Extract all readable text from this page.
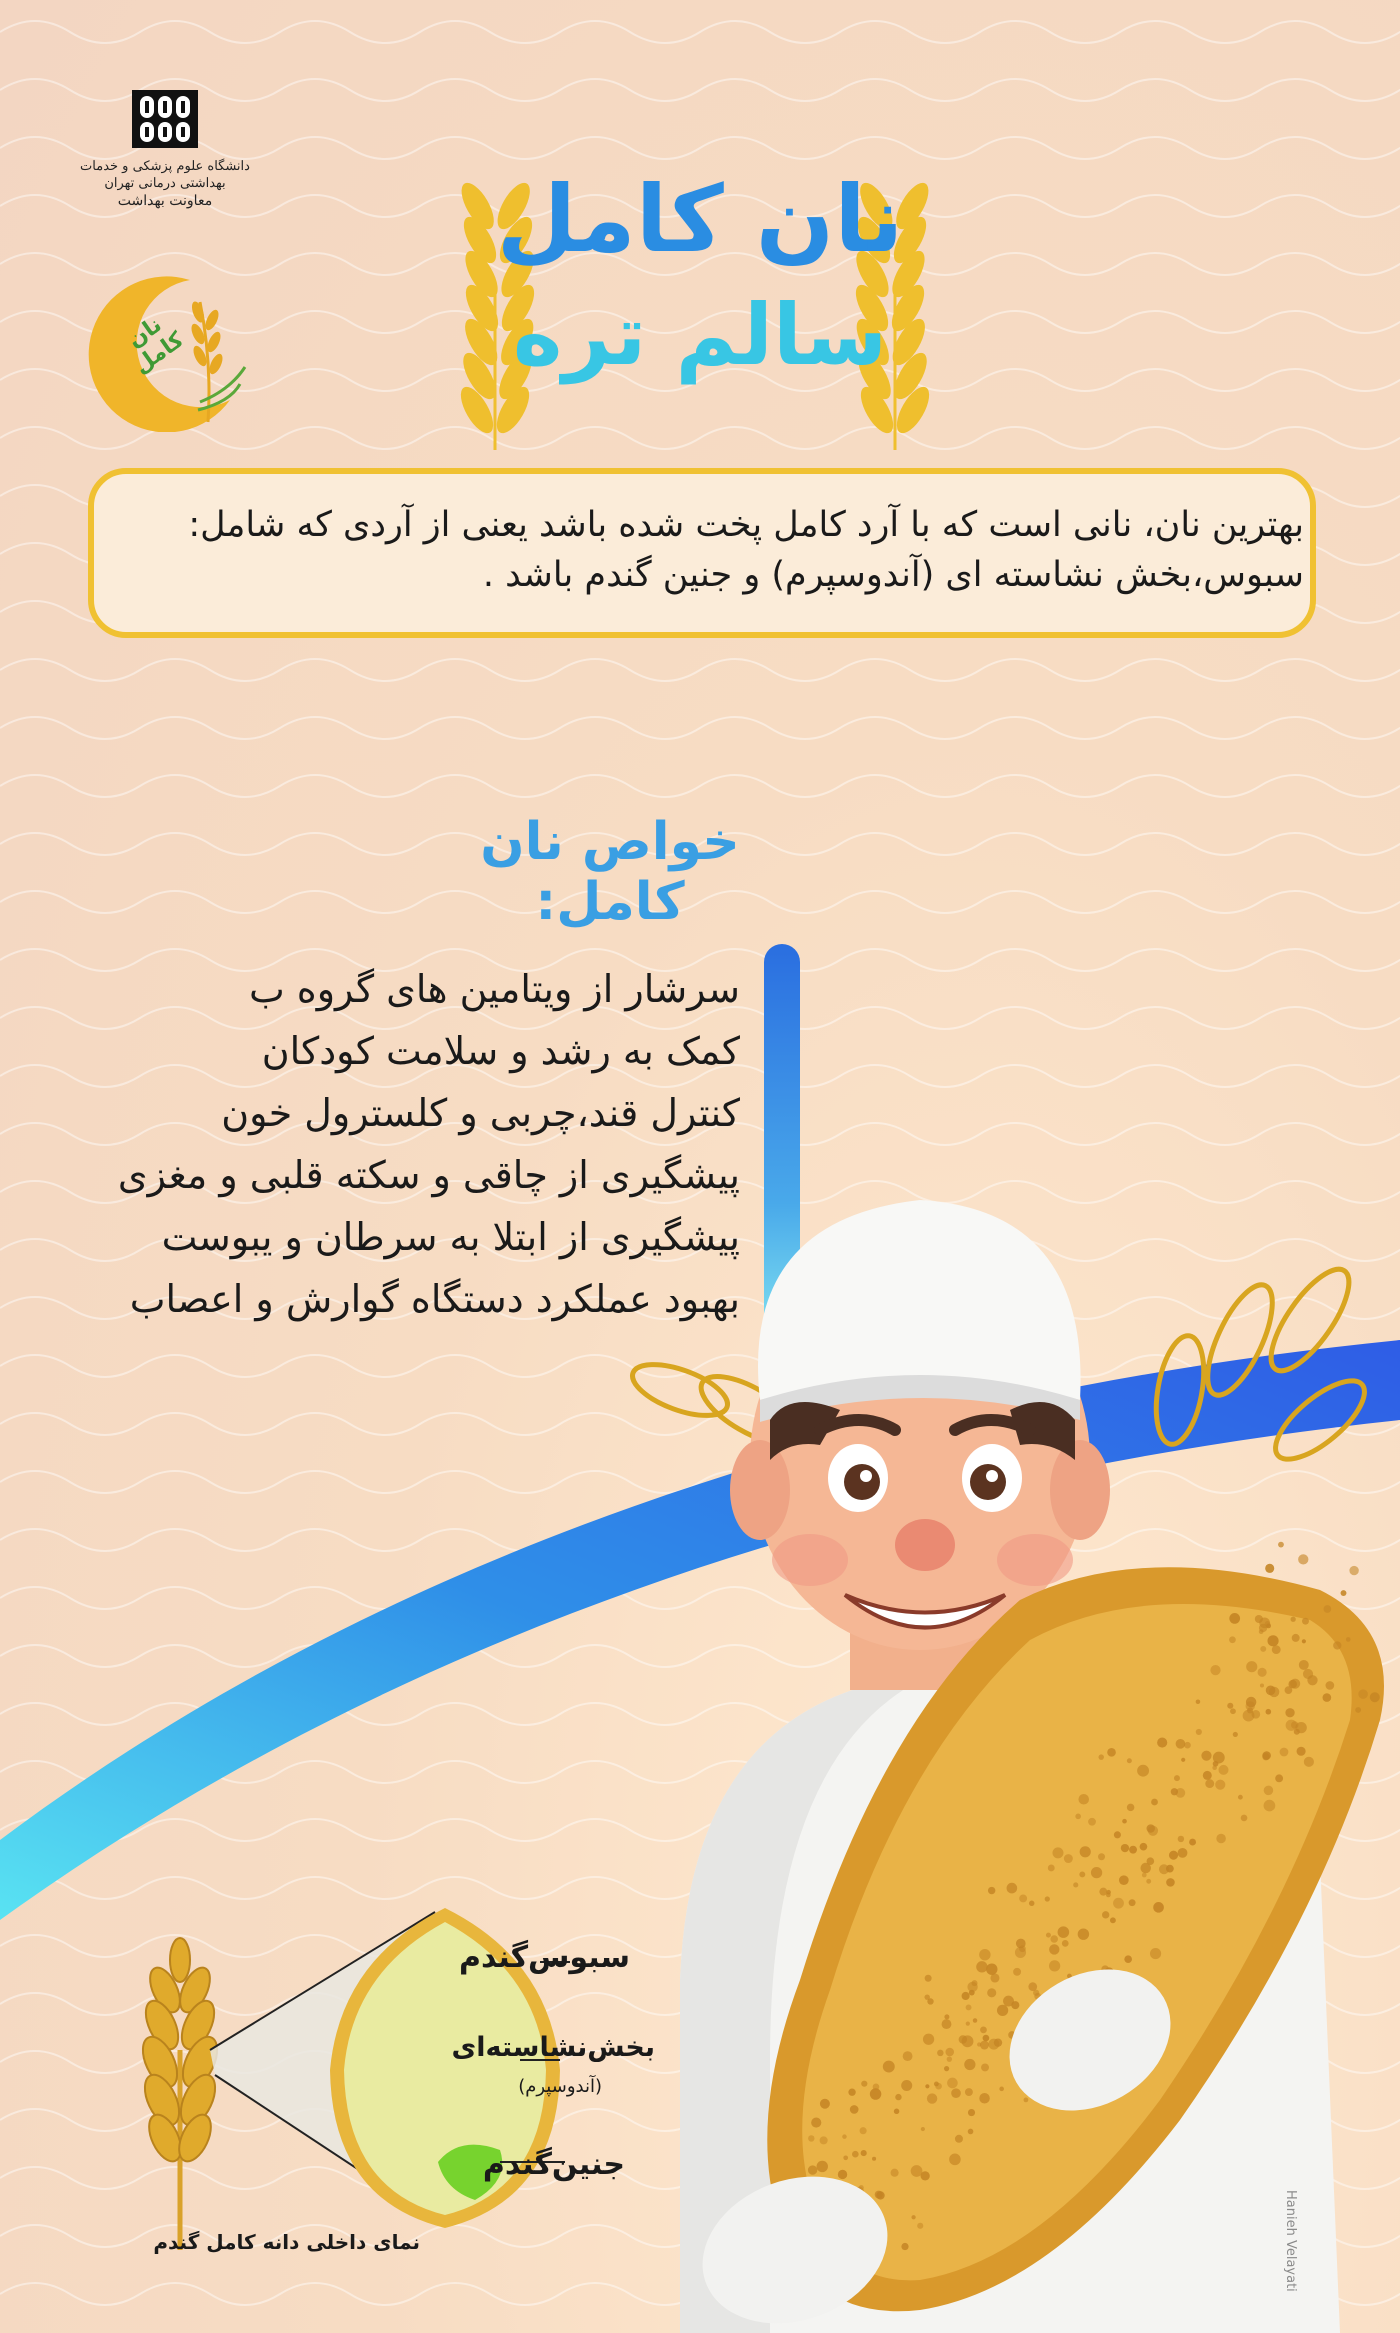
دانشگاه علوم پزشکی و خدمات بهداشتی درمانی تهران
معاونت بهداشت
نان کامل
نان کامل
سالم تره
بهترین نان، نانی است که با آرد کامل پخت شده باشد یعنی از آردی که شامل: سبوس،بخش نشاسته ای (آندوسپرم) و جنین گندم باشد .
خواص نان کامل:
سرشار از ویتامین های گروه ب
کمک به رشد و سلامت کودکان
کنترل قند،چربی و کلسترول خون
پیشگیری از چاقی و سکته قلبی و مغزی
پیشگیری از ابتلا به سرطان و یبوست
بهبود عملکرد دستگاه گوارش و اعصاب
سبوس‌گندم
بخش‌نشاسته‌ای
(آندوسپرم)
جنین‌گندم
نمای داخلی دانه کامل گندم	Hanieh Velayati
